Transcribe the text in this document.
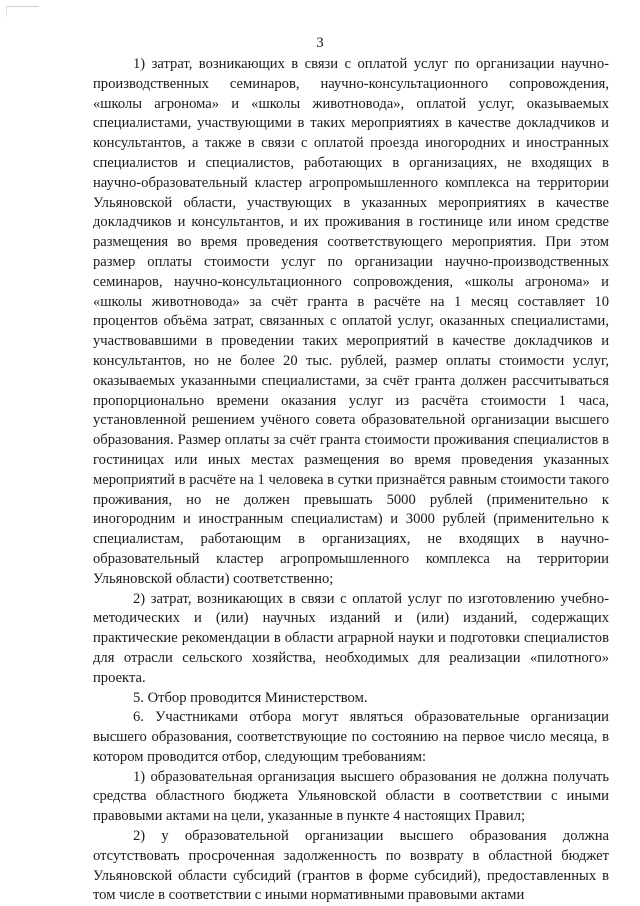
3

1) затрат, возникающих в связи с оплатой услуг по организации научно-производственных семинаров, научно-консультационного сопровождения, «школы агронома» и «школы животновода», оплатой услуг, оказываемых специалистами, участвующими в таких мероприятиях в качестве докладчиков и консультантов, а также в связи с оплатой проезда иногородних и иностранных специалистов и специалистов, работающих в организациях, не входящих в научно-образовательный кластер агропромышленного комплекса на территории Ульяновской области, участвующих в указанных мероприятиях в качестве докладчиков и консультантов, и их проживания в гостинице или ином средстве размещения во время проведения соответствующего мероприятия. При этом размер оплаты стоимости услуг по организации научно-производственных семинаров, научно-консультационного сопровождения, «школы агронома» и «школы животновода» за счёт гранта в расчёте на 1 месяц составляет 10 процентов объёма затрат, связанных с оплатой услуг, оказанных специалистами, участвовавшими в проведении таких мероприятий в качестве докладчиков и консультантов, но не более 20 тыс. рублей, размер оплаты стоимости услуг, оказываемых указанными специалистами, за счёт гранта должен рассчитываться пропорционально времени оказания услуг из расчёта стоимости 1 часа, установленной решением учёного совета образовательной организации высшего образования. Размер оплаты за счёт гранта стоимости проживания специалистов в гостиницах или иных местах размещения во время проведения указанных мероприятий в расчёте на 1 человека в сутки признаётся равным стоимости такого проживания, но не должен превышать 5000 рублей (применительно к иногородним и иностранным специалистам) и 3000 рублей (применительно к специалистам, работающим в организациях, не входящих в научно-образовательный кластер агропромышленного комплекса на территории Ульяновской области) соответственно;

2) затрат, возникающих в связи с оплатой услуг по изготовлению учебно-методических и (или) научных изданий и (или) изданий, содержащих практические рекомендации в области аграрной науки и подготовки специалистов для отрасли сельского хозяйства, необходимых для реализации «пилотного» проекта.

5. Отбор проводится Министерством.

6. Участниками отбора могут являться образовательные организации высшего образования, соответствующие по состоянию на первое число месяца, в котором проводится отбор, следующим требованиям:

1) образовательная организация высшего образования не должна получать средства областного бюджета Ульяновской области в соответствии с иными правовыми актами на цели, указанные в пункте 4 настоящих Правил;

2) у образовательной организации высшего образования должна отсутствовать просроченная задолженность по возврату в областной бюджет Ульяновской области субсидий (грантов в форме субсидий), предоставленных в том числе в соответствии с иными нормативными правовыми актами
